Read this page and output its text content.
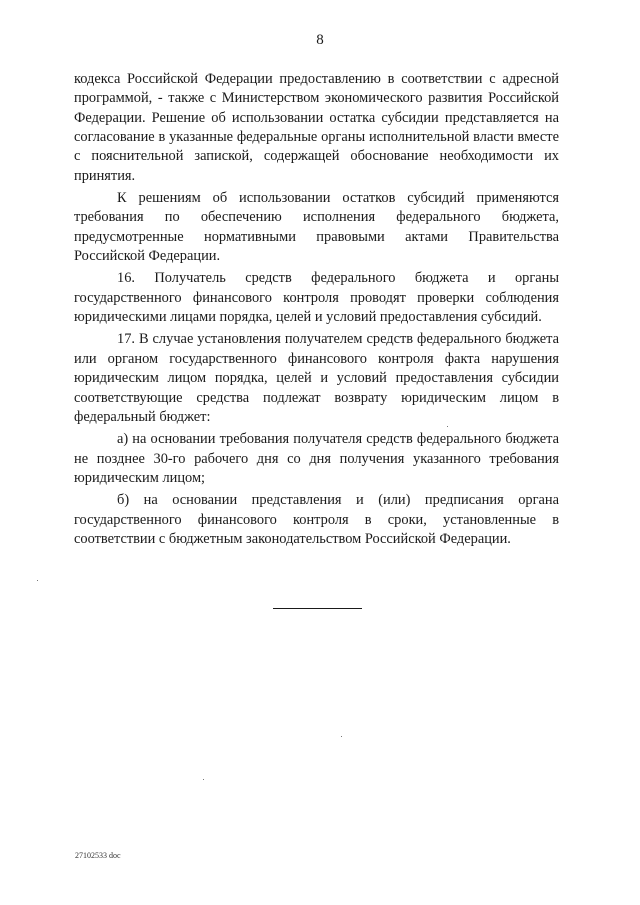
8

кодекса Российской Федерации предоставлению в соответствии с адресной программой, - также с Министерством экономического развития Российской Федерации. Решение об использовании остатка субсидии представляется на согласование в указанные федеральные органы исполнительной власти вместе с пояснительной запиской, содержащей обоснование необходимости их принятия.

К решениям об использовании остатков субсидий применяются требования по обеспечению исполнения федерального бюджета, предусмотренные нормативными правовыми актами Правительства Российской Федерации.

16. Получатель средств федерального бюджета и органы государственного финансового контроля проводят проверки соблюдения юридическими лицами порядка, целей и условий предоставления субсидий.

17. В случае установления получателем средств федерального бюджета или органом государственного финансового контроля факта нарушения юридическим лицом порядка, целей и условий предоставления субсидии соответствующие средства подлежат возврату юридическим лицом в федеральный бюджет:

а) на основании требования получателя средств федерального бюджета не позднее 30-го рабочего дня со дня получения указанного требования юридическим лицом;

б) на основании представления и (или) предписания органа государственного финансового контроля в сроки, установленные в соответствии с бюджетным законодательством Российской Федерации.

27102533 doc
